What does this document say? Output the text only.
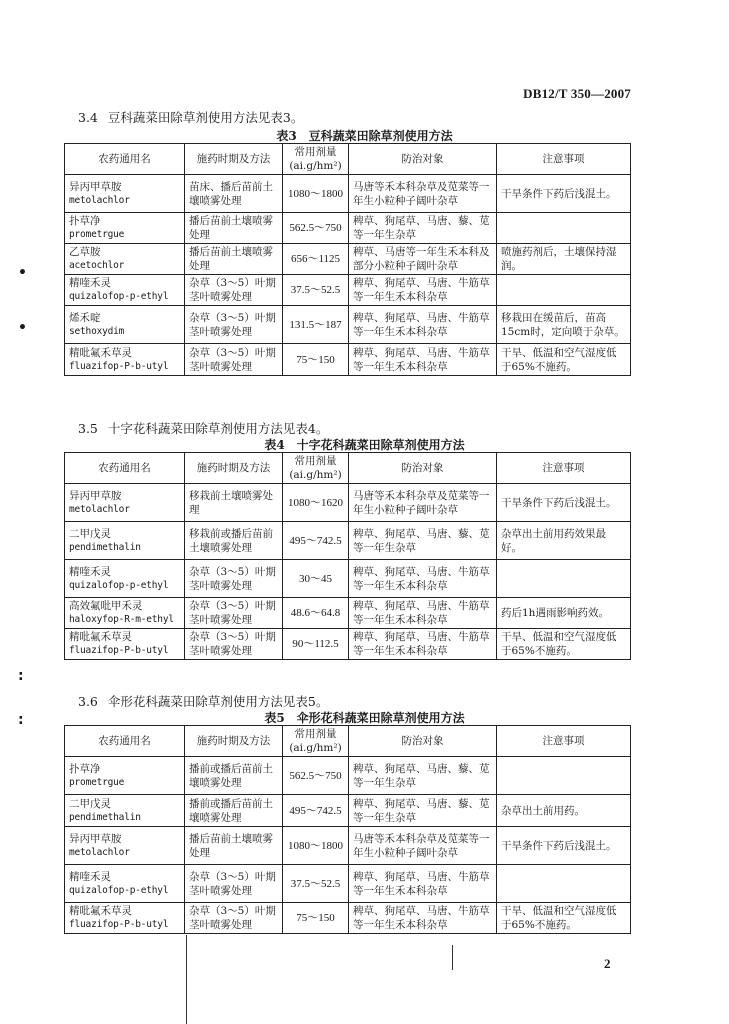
DB12/T 350—2007
•
•
:
:
3.4 豆科蔬菜田除草剂使用方法见表3。
表3　豆科蔬菜田除草剂使用方法
农药通用名	施药时期及方法	常用剂量
(ai.g/hm²)	防治对象	注意事项

异丙甲草胺
metolachlor	苗床、播后苗前土壤喷雾处理	1080～1800	马唐等禾本科杂草及苋菜等一年生小粒种子阔叶杂草	干旱条件下药后浅混土。

扑草净
prometrgue	播后苗前土壤喷雾处理	562.5～750	稗草、狗尾草、马唐、藜、苋等一年生杂草	

乙草胺
acetochlor	播后苗前土壤喷雾处理	656～1125	稗草、马唐等一年生禾本科及部分小粒种子阔叶杂草	喷施药剂后，土壤保持湿润。

精喹禾灵
quizalofop-p-ethyl	杂草（3～5）叶期茎叶喷雾处理	37.5～52.5	稗草、狗尾草、马唐、牛筋草等一年生禾本科杂草	

烯禾啶
sethoxydim	杂草（3～5）叶期茎叶喷雾处理	131.5～187	稗草、狗尾草、马唐、牛筋草等一年生禾本科杂草	移栽田在缓苗后，苗高15cm时，定向喷于杂草。

精吡氟禾草灵
fluazifop-P-b-utyl	杂草（3～5）叶期茎叶喷雾处理	75～150	稗草、狗尾草、马唐、牛筋草等一年生禾本科杂草	干旱、低温和空气湿度低于65%不施药。
3.5 十字花科蔬菜田除草剂使用方法见表4。
表4　十字花科蔬菜田除草剂使用方法
农药通用名	施药时期及方法	常用剂量
(ai.g/hm²)	防治对象	注意事项

异丙甲草胺
metolachlor	移栽前土壤喷雾处理	1080～1620	马唐等禾本科杂草及苋菜等一年生小粒种子阔叶杂草	干旱条件下药后浅混土。

二甲戊灵
pendimethalin	移栽前或播后苗前土壤喷雾处理	495～742.5	稗草、狗尾草、马唐、藜、苋等一年生杂草	杂草出土前用药效果最好。

精喹禾灵
quizalofop-p-ethyl	杂草（3～5）叶期茎叶喷雾处理	30～45	稗草、狗尾草、马唐、牛筋草等一年生禾本科杂草	

高效氟吡甲禾灵
haloxyfop-R-m-ethyl	杂草（3～5）叶期茎叶喷雾处理	48.6～64.8	稗草、狗尾草、马唐、牛筋草等一年生禾本科杂草	药后1h遇雨影响药效。

精吡氟禾草灵
fluazifop-P-b-utyl	杂草（3～5）叶期茎叶喷雾处理	90～112.5	稗草、狗尾草、马唐、牛筋草等一年生禾本科杂草	干旱、低温和空气湿度低于65%不施药。
3.6 伞形花科蔬菜田除草剂使用方法见表5。
表5　伞形花科蔬菜田除草剂使用方法
农药通用名	施药时期及方法	常用剂量
(ai.g/hm²)	防治对象	注意事项

扑草净
prometrgue	播前或播后苗前土壤喷雾处理	562.5～750	稗草、狗尾草、马唐、藜、苋等一年生杂草	

二甲戊灵
pendimethalin	播前或播后苗前土壤喷雾处理	495～742.5	稗草、狗尾草、马唐、藜、苋等一年生杂草	杂草出土前用药。

异丙甲草胺
metolachlor	播后苗前土壤喷雾处理	1080～1800	马唐等禾本科杂草及苋菜等一年生小粒种子阔叶杂草	干旱条件下药后浅混土。

精喹禾灵
quizalofop-p-ethyl	杂草（3～5）叶期茎叶喷雾处理	37.5～52.5	稗草、狗尾草、马唐、牛筋草等一年生禾本科杂草	

精吡氟禾草灵
fluazifop-P-b-utyl	杂草（3～5）叶期茎叶喷雾处理	75～150	稗草、狗尾草、马唐、牛筋草等一年生禾本科杂草	干旱、低温和空气湿度低于65%不施药。
2
